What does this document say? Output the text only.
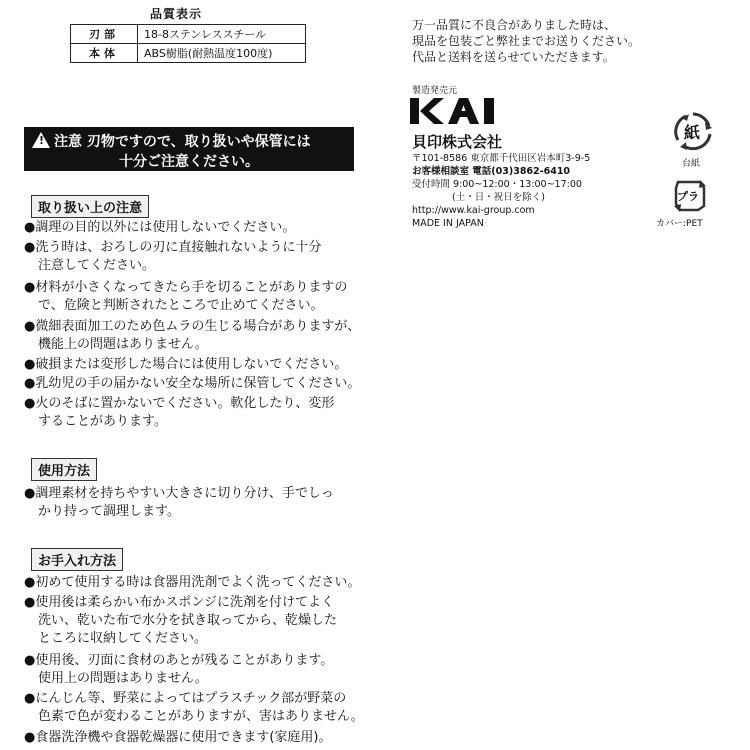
品質表示
刃部	18-8ステンレススチール
本体	ABS樹脂(耐熱温度100度)
!
注意 刃物ですので、取り扱いや保管には
十分ご注意ください。
取り扱い上の注意
●調理の目的以外には使用しないでください。
●洗う時は、おろしの刃に直接触れないように十分
注意してください。
●材料が小さくなってきたら手を切ることがありますの
で、危険と判断されたところで止めてください。
●微細表面加工のため色ムラの生じる場合がありますが、
機能上の問題はありません。
●破損または変形した場合には使用しないでください。
●乳幼児の手の届かない安全な場所に保管してください。
●火のそばに置かないでください。軟化したり、変形
することがあります。
使用方法
●調理素材を持ちやすい大きさに切り分け、手でしっ
かり持って調理します。
お手入れ方法
●初めて使用する時は食器用洗剤でよく洗ってください。
●使用後は柔らかい布かスポンジに洗剤を付けてよく
洗い、乾いた布で水分を拭き取ってから、乾燥した
ところに収納してください。
●使用後、刃面に食材のあとが残ることがあります。
使用上の問題はありません。
●にんじん等、野菜によってはプラスチック部が野菜の
色素で色が変わることがありますが、害はありません。
●食器洗浄機や食器乾燥器に使用できます(家庭用)。
万一品質に不良合がありました時は、
現品を包装ごと弊社までお送りください。
代品と送料を送らせていただきます。
製造発売元
貝印株式会社
〒101-8586 東京都千代田区岩本町3-9-5
お客様相談室 電話(03)3862-6410
受付時間 9:00~12:00・13:00~17:00
(土・日・祝日を除く)
http://www.kai-group.com
MADE IN JAPAN
紙
台紙
プラ
カバー:PET
